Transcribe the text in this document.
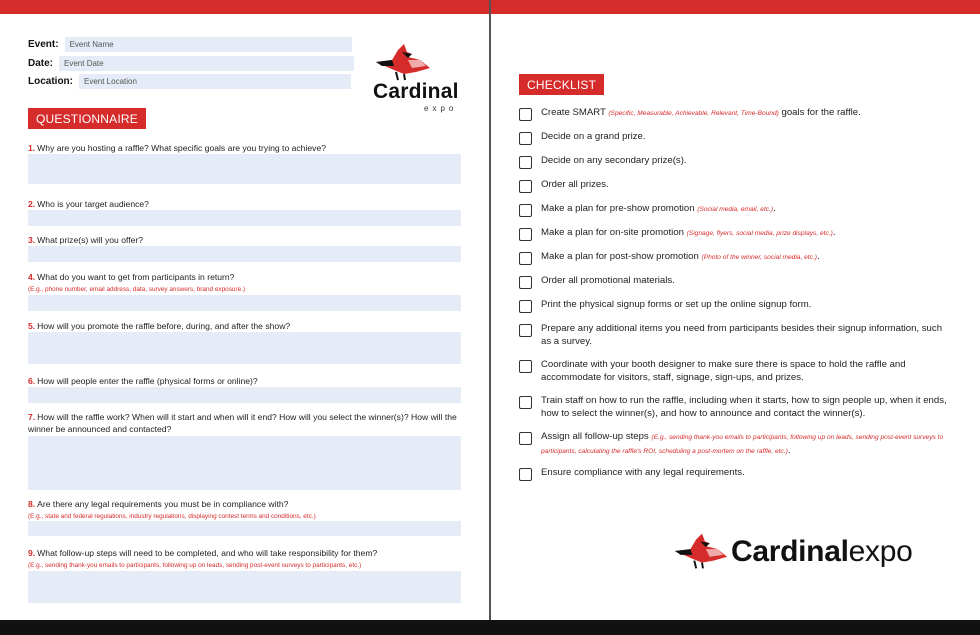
Event:	Event Name
Date:	Event Date
Location:	Event Location	Cardinal
expo
QUESTIONNAIRE
1. Why are you hosting a raffle? What specific goals are you trying to achieve?
2. Who is your target audience?
3. What prize(s) will you offer?
4. What do you want to get from participants in return?
(E.g., phone number, email address, data, survey answers, brand exposure.)
5. How will you promote the raffle before, during, and after the show?
6. How will people enter the raffle (physical forms or online)?
7. How will the raffle work? When will it start and when will it end? How will you select the winner(s)? How will the winner be announced and contacted?
8. Are there any legal requirements you must be in compliance with?
(E.g., state and federal regulations, industry regulations, displaying contest terms and conditions, etc.)
9. What follow-up steps will need to be completed, and who will take responsibility for them?
(E.g., sending thank-you emails to participants, following up on leads, sending post-event surveys to participants, etc.)
CHECKLIST
Create SMART (Specific, Measurable, Achievable, Relevant, Time-Bound) goals for the raffle.
Decide on a grand prize.
Decide on any secondary prize(s).
Order all prizes.
Make a plan for pre-show promotion (Social media, email, etc.).
Make a plan for on-site promotion (Signage, flyers, social media, prize displays, etc.).
Make a plan for post-show promotion (Photo of the winner, social media, etc.).
Order all promotional materials.
Print the physical signup forms or set up the online signup form.
Prepare any additional items you need from participants besides their signup information, such as a survey.
Coordinate with your booth designer to make sure there is space to hold the raffle and accommodate for visitors, staff, signage, sign-ups, and prizes.
Train staff on how to run the raffle, including when it starts, how to sign people up, when it ends, how to select the winner(s), and how to announce and contact the winner(s).
Assign all follow-up steps (E.g., sending thank-you emails to participants, following up on leads, sending post-event surveys to participants, calculating the raffle's ROI, scheduling a post-mortem on the raffle, etc.).
Ensure compliance with any legal requirements.
Cardinalexpo
